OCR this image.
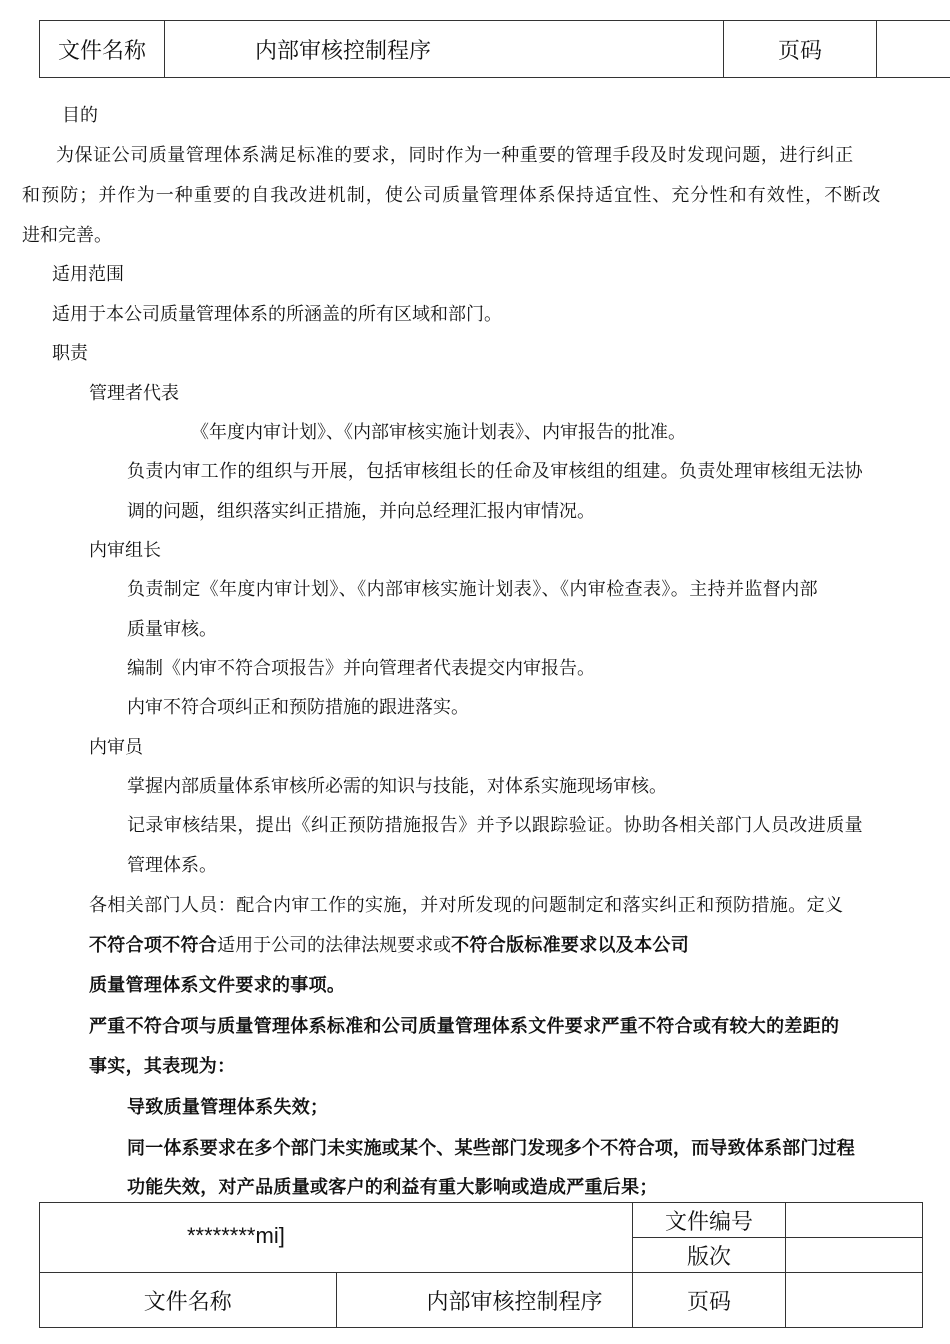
文件名称	内部审核控制程序	页码	
目的
为保证公司质量管理体系满足标准的要求，同时作为一种重要的管理手段及时发现问题，进行纠正
和预防；并作为一种重要的自我改进机制，使公司质量管理体系保持适宜性、充分性和有效性，不断改
进和完善。
适用范围
适用于本公司质量管理体系的所涵盖的所有区域和部门。
职责
管理者代表
《年度内审计划》、《内部审核实施计划表》、内审报告的批准。
负责内审工作的组织与开展，包括审核组长的任命及审核组的组建。负责处理审核组无法协
调的问题，组织落实纠正措施，并向总经理汇报内审情况。
内审组长
负责制定《年度内审计划》、《内部审核实施计划表》、《内审检查表》。主持并监督内部
质量审核。
编制《内审不符合项报告》并向管理者代表提交内审报告。
内审不符合项纠正和预防措施的跟进落实。
内审员
掌握内部质量体系审核所必需的知识与技能，对体系实施现场审核。
记录审核结果，提出《纠正预防措施报告》并予以跟踪验证。协助各相关部门人员改进质量
管理体系。
各相关部门人员：配合内审工作的实施，并对所发现的问题制定和落实纠正和预防措施。定义
不符合项不符合适用于公司的法律法规要求或不符合版标准要求以及本公司
质量管理体系文件要求的事项。
严重不符合项与质量管理体系标准和公司质量管理体系文件要求严重不符合或有较大的差距的
事实，其表现为：
导致质量管理体系失效；
同一体系要求在多个部门未实施或某个、某些部门发现多个不符合项，而导致体系部门过程
功能失效，对产品质量或客户的利益有重大影响或造成严重后果；
********mi]		文件编号	
		版次	
文件名称	内部审核控制程序	页码	
